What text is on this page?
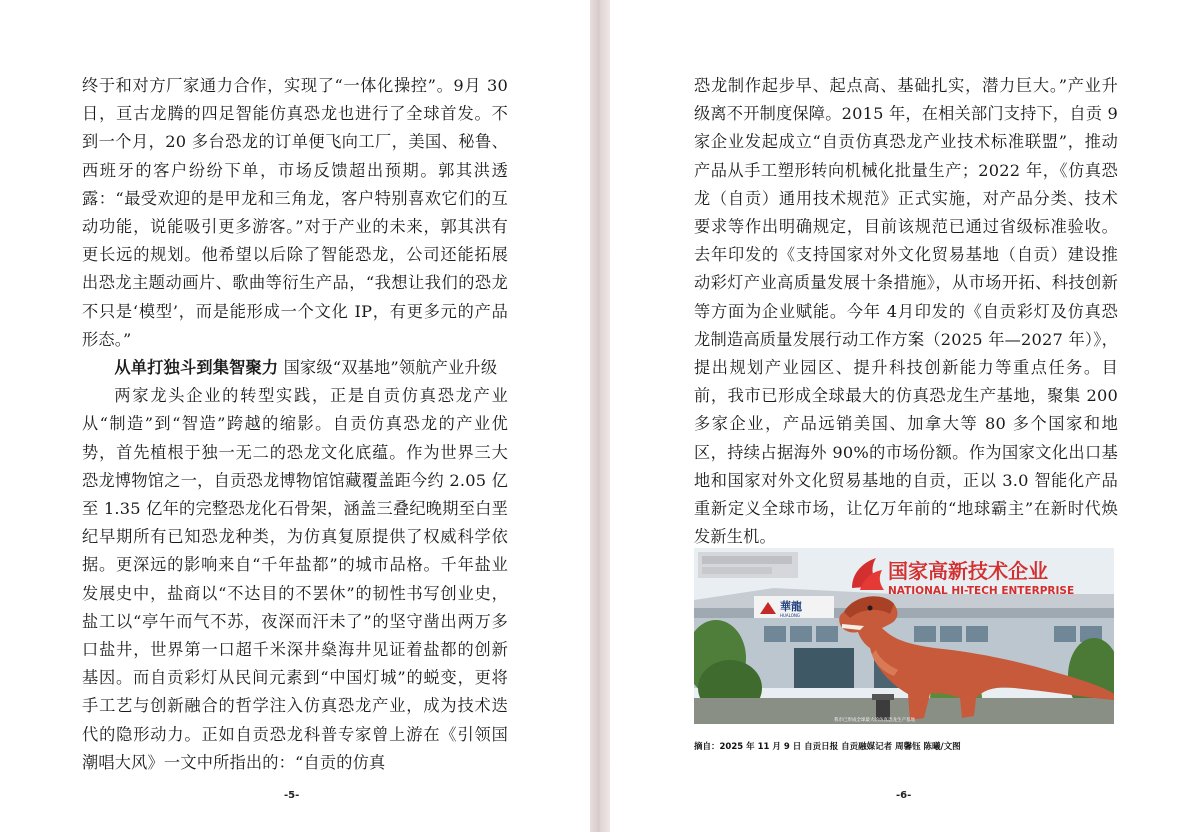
终于和对方厂家通力合作，实现了“一体化操控”。9月 30日，亘古龙腾的四足智能仿真恐龙也进行了全球首发。不到一个月，20 多台恐龙的订单便飞向工厂，美国、秘鲁、西班牙的客户纷纷下单，市场反馈超出预期。郭其洪透露：“最受欢迎的是甲龙和三角龙，客户特别喜欢它们的互动功能，说能吸引更多游客。”对于产业的未来，郭其洪有更长远的规划。他希望以后除了智能恐龙，公司还能拓展出恐龙主题动画片、歌曲等衍生产品，“我想让我们的恐龙不只是‘模型’，而是能形成一个文化 IP，有更多元的产品形态。”

从单打独斗到集智聚力 国家级“双基地”领航产业升级

两家龙头企业的转型实践，正是自贡仿真恐龙产业从“制造”到“智造”跨越的缩影。自贡仿真恐龙的产业优势，首先植根于独一无二的恐龙文化底蕴。作为世界三大恐龙博物馆之一，自贡恐龙博物馆馆藏覆盖距今约 2.05 亿至 1.35 亿年的完整恐龙化石骨架，涵盖三叠纪晚期至白垩纪早期所有已知恐龙种类，为仿真复原提供了权威科学依据。更深远的影响来自“千年盐都”的城市品格。千年盐业发展史中，盐商以“不达目的不罢休”的韧性书写创业史，盐工以“亭午而气不苏，夜深而汗未了”的坚守凿出两万多口盐井，世界第一口超千米深井燊海井见证着盐都的创新基因。而自贡彩灯从民间元素到“中国灯城”的蜕变，更将手工艺与创新融合的哲学注入仿真恐龙产业，成为技术迭代的隐形动力。正如自贡恐龙科普专家曾上游在《引领国潮唱大风》一文中所指出的：“自贡的仿真

-5-

恐龙制作起步早、起点高、基础扎实，潜力巨大。”产业升级离不开制度保障。2015 年，在相关部门支持下，自贡 9 家企业发起成立“自贡仿真恐龙产业技术标准联盟”，推动产品从手工塑形转向机械化批量生产；2022 年，《仿真恐龙（自贡）通用技术规范》正式实施，对产品分类、技术要求等作出明确规定，目前该规范已通过省级标准验收。去年印发的《支持国家对外文化贸易基地（自贡）建设推动彩灯产业高质量发展十条措施》，从市场开拓、科技创新等方面为企业赋能。今年 4月印发的《自贡彩灯及仿真恐龙制造高质量发展行动工作方案（2025 年—2027 年）》，提出规划产业园区、提升科技创新能力等重点任务。目前，我市已形成全球最大的仿真恐龙生产基地，聚集 200 多家企业，产品远销美国、加拿大等 80 多个国家和地区，持续占据海外 90%的市场份额。作为国家文化出口基地和国家对外文化贸易基地的自贡，正以 3.0 智能化产品重新定义全球市场，让亿万年前的“地球霸主”在新时代焕发新生机。

華龍
HUALONG
国家高新技术企业
NATIONAL HI-TECH ENTERPRISE
我市已形成全球最大的仿真恐龙生产基地
摘自：2025 年 11 月 9 日 自贡日报 自贡融媒记者 周馨钰 陈曦/文图
-6-
